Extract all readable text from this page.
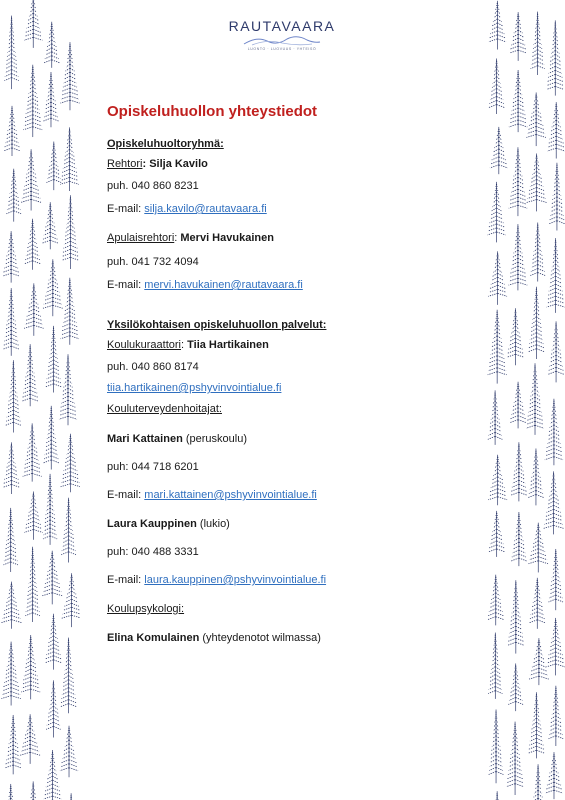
RAUTAVAARA
LUONTO · LUOVUUS · YHTEISÖ

Opiskeluhuollon yhteystiedot

Opiskeluhuoltoryhmä:

Rehtori: Silja Kavilo

puh. 040 860 8231

E-mail: silja.kavilo@rautavaara.fi

Apulaisrehtori: Mervi Havukainen

puh. 041 732 4094

E-mail: mervi.havukainen@rautavaara.fi

Yksilökohtaisen opiskeluhuollon palvelut:

Koulukuraattori: Tiia Hartikainen

puh. 040 860 8174

tiia.hartikainen@pshyvinvointialue.fi

Kouluterveydenhoitajat:

Mari Kattainen (peruskoulu)

puh: 044 718 6201

E-mail: mari.kattainen@pshyvinvointialue.fi

Laura Kauppinen (lukio)

puh: 040 488 3331

E-mail: laura.kauppinen@pshyvinvointialue.fi

Koulupsykologi:

Elina Komulainen (yhteydenotot wilmassa)
